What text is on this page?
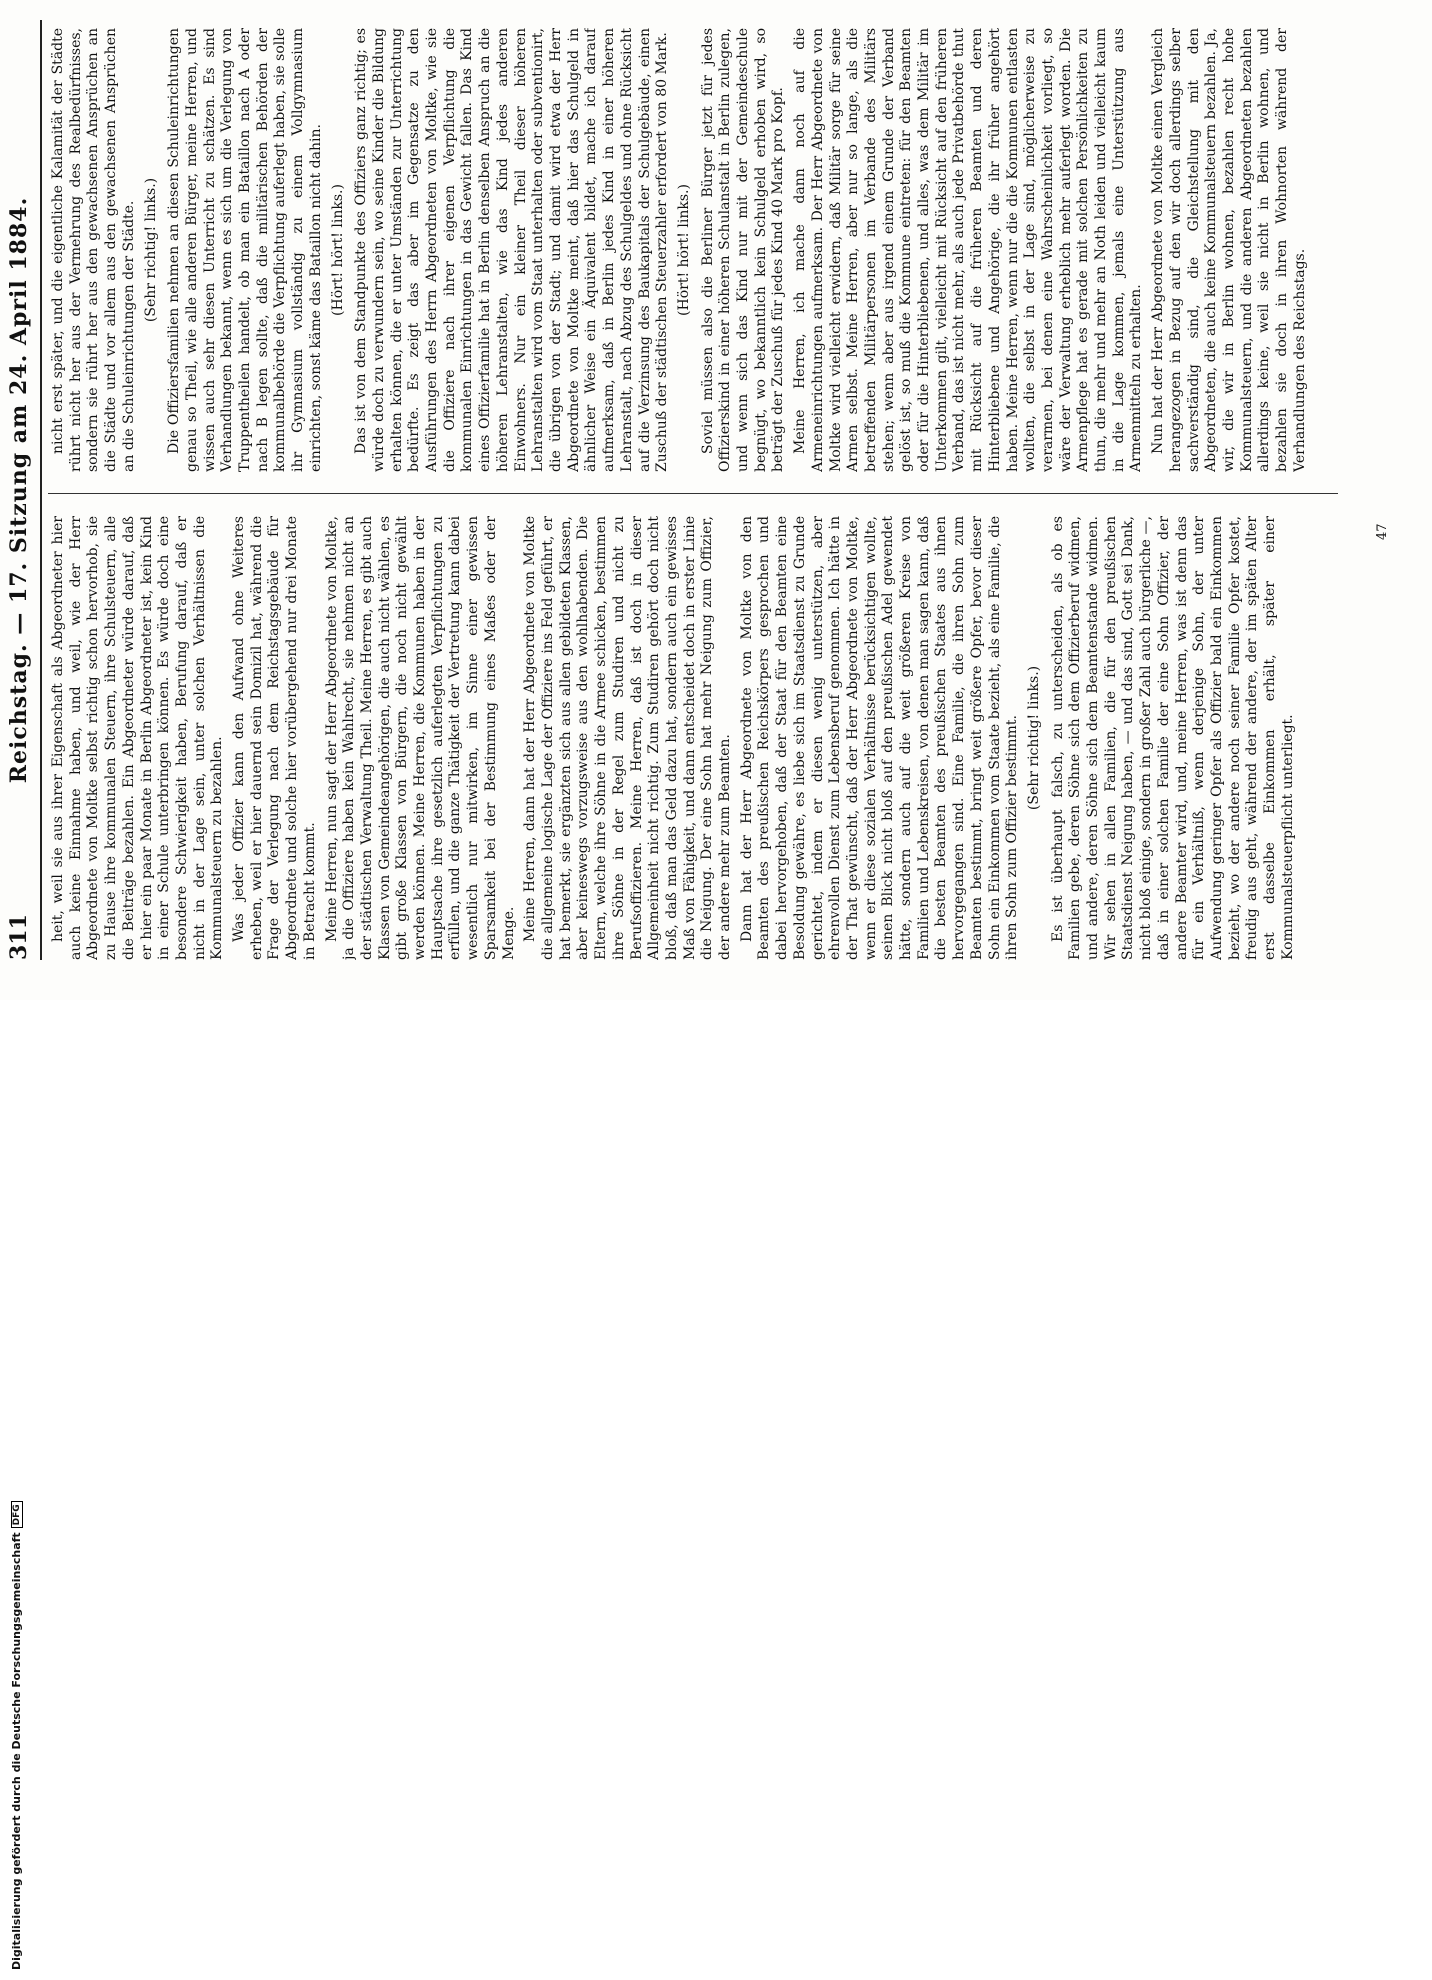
311
Reichstag. — 17. Sitzung am 24. April 1884. heit, weil sie aus ihrer Eigenschaft als Abgeordneter hier auch keine Einnahme haben, und weil, wie der Herr Abgeordnete von Moltke selbst richtig schon hervorhob, sie zu Hause ihre kommunalen Steuern, ihre Schulsteuern, alle die Beiträge bezahlen. Ein Abgeordneter würde darauf, daß er hier ein paar Monate in Berlin Abgeordneter ist, kein Kind in einer Schule unterbringen können. Es würde doch eine besondere Schwierigkeit haben, Berufung darauf, daß er nicht in der Lage sein, unter solchen Verhältnissen die Kommunalsteuern zu bezahlen. Was jeder Offizier kann den Aufwand ohne Weiteres erheben, weil er hier dauernd sein Domizil hat, während die Frage der Verlegung nach dem Reichstagsgebäude für Abgeordnete und solche hier vorübergehend nur drei Monate in Betracht kommt. Meine Herren, nun sagt der Herr Abgeordnete von Moltke, ja die Offiziere haben kein Wahlrecht, sie nehmen nicht an der städtischen Verwaltung Theil. Meine Herren, es gibt auch Klassen von Gemeindeangehörigen, die auch nicht wählen, es gibt große Klassen von Bürgern, die noch nicht gewählt werden können. Meine Herren, die Kommunen haben in der Hauptsache ihre gesetzlich auferlegten Verpflichtungen zu erfüllen, und die ganze Thätigkeit der Vertretung kann dabei wesentlich nur mitwirken, im Sinne einer gewissen Sparsamkeit bei der Bestimmung eines Maßes oder der Menge. Meine Herren, dann hat der Herr Abgeordnete von Moltke die allgemeine logische Lage der Offiziere ins Feld geführt, er hat bemerkt, sie ergänzten sich aus allen gebildeten Klassen, aber keineswegs vorzugsweise aus den wohlhabenden. Die Eltern, welche ihre Söhne in die Armee schicken, bestimmen ihre Söhne in der Regel zum Studiren und nicht zu Berufsoffizieren. Meine Herren, daß ist doch in dieser Allgemeinheit nicht richtig. Zum Studiren gehört doch nicht bloß, daß man das Geld dazu hat, sondern auch ein gewisses Maß von Fähigkeit, und dann entscheidet doch in erster Linie die Neigung. Der eine Sohn hat mehr Neigung zum Offizier, der andere mehr zum Beamten. Dann hat der Herr Abgeordnete von Moltke von den Beamten des preußischen Reichskörpers gesprochen und dabei hervorgehoben, daß der Staat für den Beamten eine Besoldung gewähre, es liebe sich im Staatsdienst zu Grunde gerichtet, indem er diesen wenig unterstützen, aber ehrenvollen Dienst zum Lebensberuf genommen. Ich hätte in der That gewünscht, daß der Herr Abgeordnete von Moltke, wenn er diese sozialen Verhältnisse berücksichtigen wollte, seinen Blick nicht bloß auf den preußischen Adel gewendet hätte, sondern auch auf die weit größeren Kreise von Familien und Lebenskreisen, von denen man sagen kann, daß die besten Beamten des preußischen Staates aus ihnen hervorgegangen sind. Eine Familie, die ihren Sohn zum Beamten bestimmt, bringt weit größere Opfer, bevor dieser Sohn ein Einkommen vom Staate bezieht, als eine Familie, die ihren Sohn zum Offizier bestimmt. (Sehr richtig! links.) Es ist überhaupt falsch, zu unterscheiden, als ob es Familien gebe, deren Söhne sich dem Offizierberuf widmen, und andere, deren Söhne sich dem Beamtenstande widmen. Wir sehen in allen Familien, die für den preußischen Staatsdienst Neigung haben, — und das sind, Gott sei Dank, nicht bloß einige, sondern in großer Zahl auch bürgerliche —, daß in einer solchen Familie der eine Sohn Offizier, der andere Beamter wird, und, meine Herren, was ist denn das für ein Verhältniß, wenn derjenige Sohn, der unter Aufwendung geringer Opfer als Offizier bald ein Einkommen bezieht, wo der andere noch seiner Familie Opfer kostet, freudig aus geht, während der andere, der im späten Alter erst dasselbe Einkommen erhält, später einer Kommunalsteuerpflicht unterliegt.

nicht erst später, und die eigentliche Kalamität der Städte rührt nicht her aus der Vermehrung des Realbedürfnisses, sondern sie rührt her aus den gewachsenen Ansprüchen an die Städte und vor allem aus den gewachsenen Ansprüchen an die Schuleinrichtungen der Städte. (Sehr richtig! links.) Die Offiziersfamilien nehmen an diesen Schuleinrichtungen genau so Theil, wie alle anderen Bürger, meine Herren, und wissen auch sehr diesen Unterricht zu schätzen. Es sind Verhandlungen bekannt, wenn es sich um die Verlegung von Truppentheilen handelt, ob man ein Bataillon nach A oder nach B legen sollte, daß die militärischen Behörden der kommunalbehörde die Verpflichtung auferlegt haben, sie solle ihr Gymnasium vollständig zu einem Vollgymnasium einrichten, sonst käme das Bataillon nicht dahin. (Hört! hört! links.) Das ist von dem Standpunkte des Offiziers ganz richtig; es würde doch zu verwundern sein, wo seine Kinder die Bildung erhalten können, die er unter Umständen zur Unterrichtung bedürfte. Es zeigt das aber im Gegensatze zu den Ausführungen des Herrn Abgeordneten von Moltke, wie sie die Offiziere nach ihrer eigenen Verpflichtung die kommunalen Einrichtungen in das Gewicht fallen. Das Kind eines Offizierfamilie hat in Berlin denselben Anspruch an die höheren Lehranstalten, wie das Kind jedes anderen Einwohners. Nur ein kleiner Theil dieser höheren Lehranstalten wird vom Staat unterhalten oder subventionirt, die übrigen von der Stadt; und damit wird etwa der Herr Abgeordnete von Moltke meint, daß hier das Schulgeld in ähnlicher Weise ein Äquivalent bildet, mache ich darauf aufmerksam, daß in Berlin jedes Kind in einer höheren Lehranstalt, nach Abzug des Schulgeldes und ohne Rücksicht auf die Verzinsung des Baukapitals der Schulgebäude, einen Zuschuß der städtischen Steuerzahler erfordert von 80 Mark. (Hört! hört! links.) Soviel müssen also die Berliner Bürger jetzt für jedes Offizierskind in einer höheren Schulanstalt in Berlin zulegen, und wenn sich das Kind nur mit der Gemeindeschule begnügt, wo bekanntlich kein Schulgeld erhoben wird, so beträgt der Zuschuß für jedes Kind 40 Mark pro Kopf. Meine Herren, ich mache dann noch auf die Armeneinrichtungen aufmerksam. Der Herr Abgeordnete von Moltke wird vielleicht erwidern, daß Militär sorge für seine Armen selbst. Meine Herren, aber nur so lange, als die betreffenden Militärpersonen im Verbande des Militärs stehen; wenn aber aus irgend einem Grunde der Verband gelöst ist, so muß die Kommune eintreten: für den Beamten oder für die Hinterbliebenen, und alles, was dem Militär im Unterkommen gilt, vielleicht mit Rücksicht auf den früheren Verband, das ist nicht mehr, als auch jede Privatbehörde thut mit Rücksicht auf die früheren Beamten und deren Hinterbliebene und Angehörige, die ihr früher angehört haben. Meine Herren, wenn nur die die Kommunen entlasten wollten, die selbst in der Lage sind, möglicherweise zu verarmen, bei denen eine Wahrscheinlichkeit vorliegt, so wäre der Verwaltung erheblich mehr auferlegt worden. Die Armenpflege hat es gerade mit solchen Persönlichkeiten zu thun, die mehr und mehr an Noth leiden und vielleicht kaum in die Lage kommen, jemals eine Unterstützung aus Armenmitteln zu erhalten. Nun hat der Herr Abgeordnete von Moltke einen Vergleich herangezogen in Bezug auf den wir doch allerdings selber sachverständig sind, die Gleichstellung mit den Abgeordneten, die auch keine Kommunalsteuern bezahlen. Ja, wir, die wir in Berlin wohnen, bezahlen recht hohe Kommunalsteuern, und die anderen Abgeordneten bezahlen allerdings keine, weil sie nicht in Berlin wohnen, und bezahlen sie doch in ihren Wohnorten während der Verhandlungen des Reichstags.

47
Digitalisierung gefördert durch die Deutsche Forschungsgemeinschaft
DFG
